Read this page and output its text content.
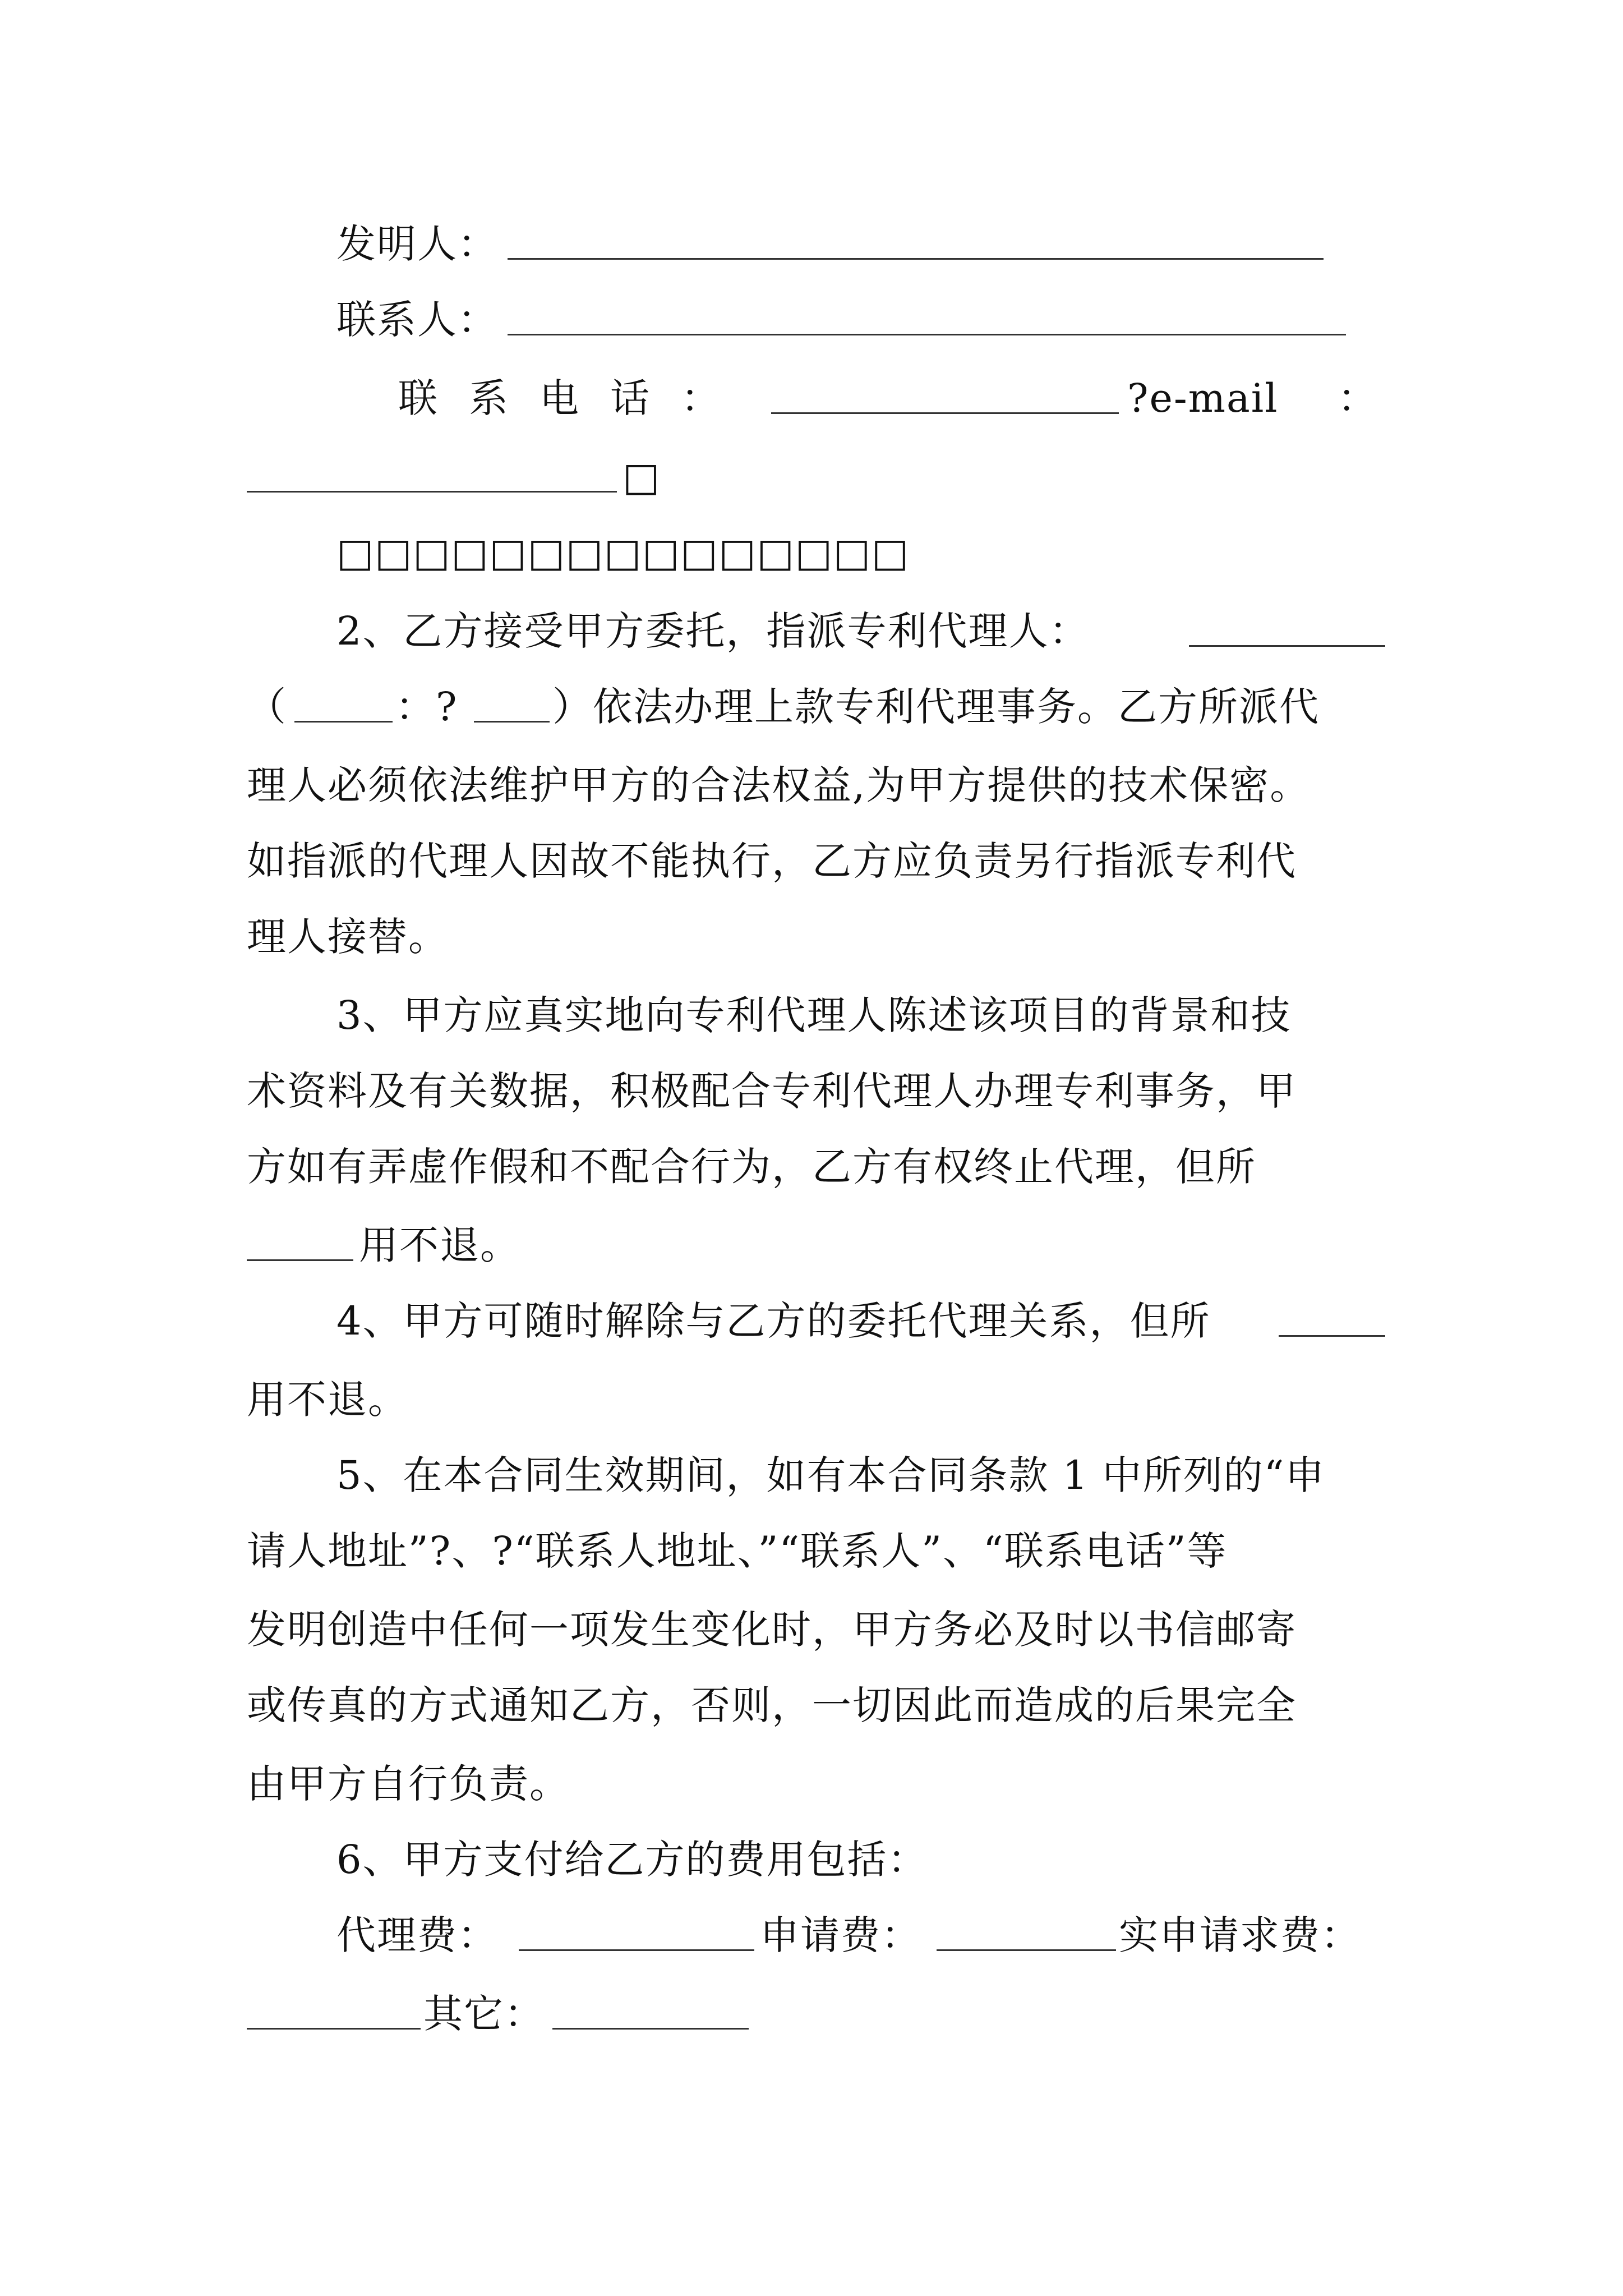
发明人：
联系人：
联系电话：	?e-mail ：
□
□□□□□□□□□□□□□□□
2、乙方接受甲方委托，指派专利代理人：
（	：? ）依法办理上款专利代理事务。乙方所派代
理人必须依法维护甲方的合法权益,为甲方提供的技术保密。
如指派的代理人因故不能执行，乙方应负责另行指派专利代
理人接替。
3、甲方应真实地向专利代理人陈述该项目的背景和技
术资料及有关数据，积极配合专利代理人办理专利事务，甲
方如有弄虚作假和不配合行为，乙方有权终止代理，但所
用不退。
4、甲方可随时解除与乙方的委托代理关系，但所
用不退。
5、在本合同生效期间，如有本合同条款 1 中所列的“申
请人地址”?、?“联系人地址、”“联系人”、“联系电话”等
发明创造中任何一项发生变化时，甲方务必及时以书信邮寄
或传真的方式通知乙方，否则，一切因此而造成的后果完全
由甲方自行负责。
6、甲方支付给乙方的费用包括：
代理费：	申请费：	实申请求费：
其它：
